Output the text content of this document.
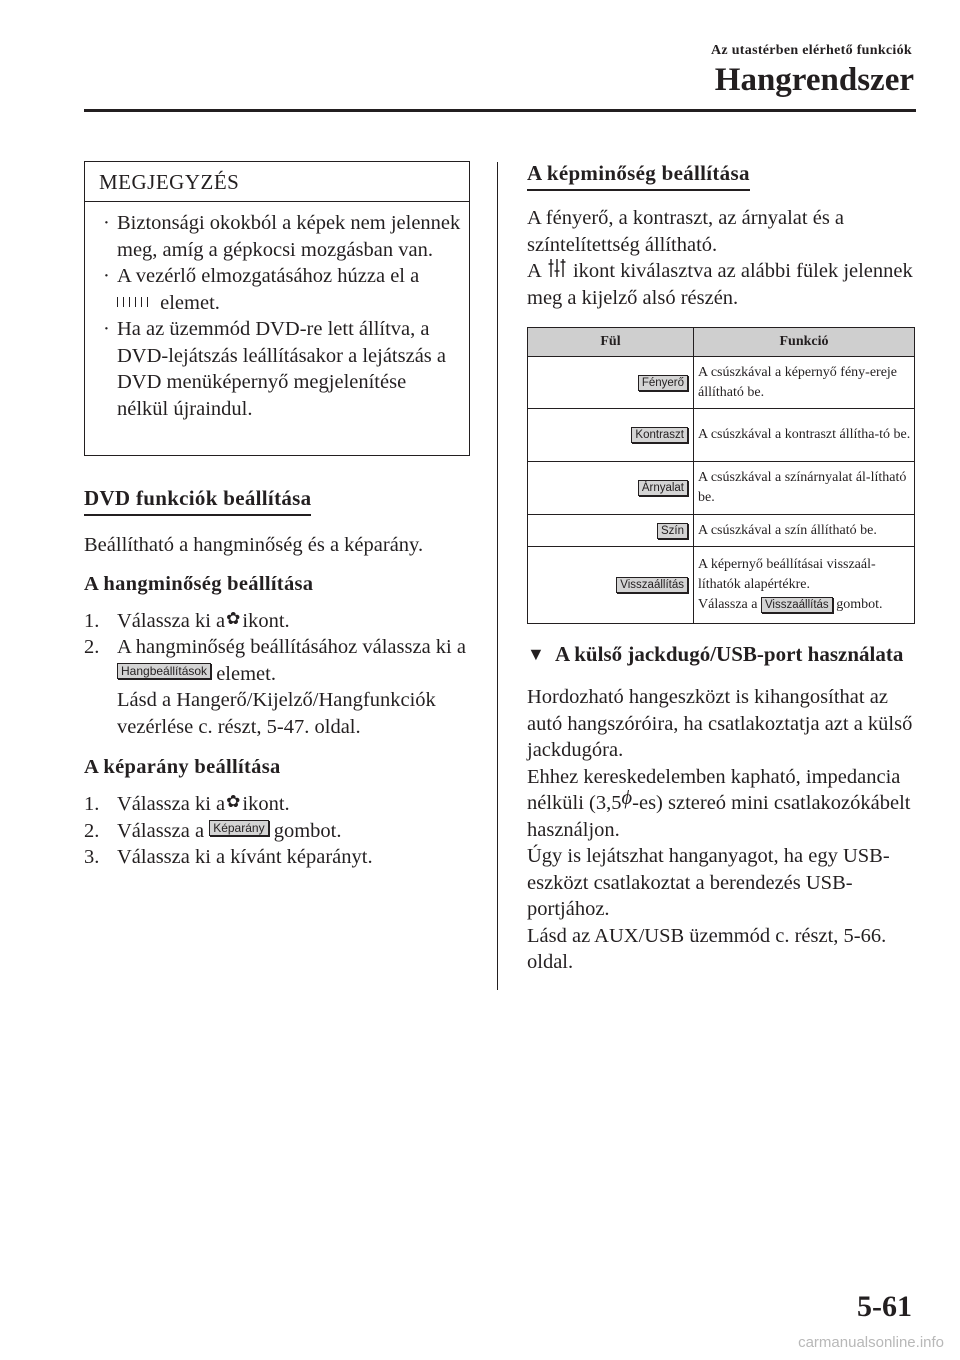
Az utastérben elérhető funkciók
Hangrendszer
MEGJEGYZÉS
· Biztonsági okokból a képek nem jelennek meg, amíg a gépkocsi mozgásban van.
· A vezérlő elmozgatásához húzza el a
elemet.
· Ha az üzemmód DVD-re lett állítva, a DVD-lejátszás leállításakor a lejátszás a DVD menüképernyő megjelenítése nélkül újraindul.
DVD funkciók beállítása

Beállítható a hangminőség és a képarány.

A hangminőség beállítása
1. Válassza ki a✿ikont.
2. A hangminőség beállításához válassza ki a Hangbeállítások elemet.
Lásd a Hangerő/Kijelző/Hangfunkciók vezérlése c. részt, 5-47. oldal.
A képarány beállítása
1. Válassza ki a✿ikont.
2. Válassza a Képarány gombot.
3. Válassza ki a kívánt képarányt.
A képminőség beállítása

A fényerő, a kontraszt, az árnyalat és a színtelítettség állítható.

A ikont kiválasztva az alábbi fülek jelennek meg a kijelző alsó részén.

Fül	Funkció
Fényerő	A csúszkával a képernyő fény-ereje állítható be.
Kontraszt	A csúszkával a kontraszt állítha-tó be.
Árnyalat	A csúszkával a színárnyalat ál-lítható be.
Szín	A csúszkával a szín állítható be.
Visszaállítás	A képernyő beállításai visszaál-líthatók alapértékre.
Válassza a Visszaállítás gombot.
▼ A külső jackdugó/USB-port használata

Hordozható hangeszközt is kihangosíthat az autó hangszóróira, ha csatlakoztatja azt a külső jackdugóra.

Ehhez kereskedelemben kapható, impedancia nélküli (3,5ϕ-es) sztereó mini csatlakozókábelt használjon.

Úgy is lejátszhat hanganyagot, ha egy USB-eszközt csatlakoztat a berendezés USB-portjához.

Lásd az AUX/USB üzemmód c. részt, 5-66. oldal.

5-61
carmanualsonline.info
